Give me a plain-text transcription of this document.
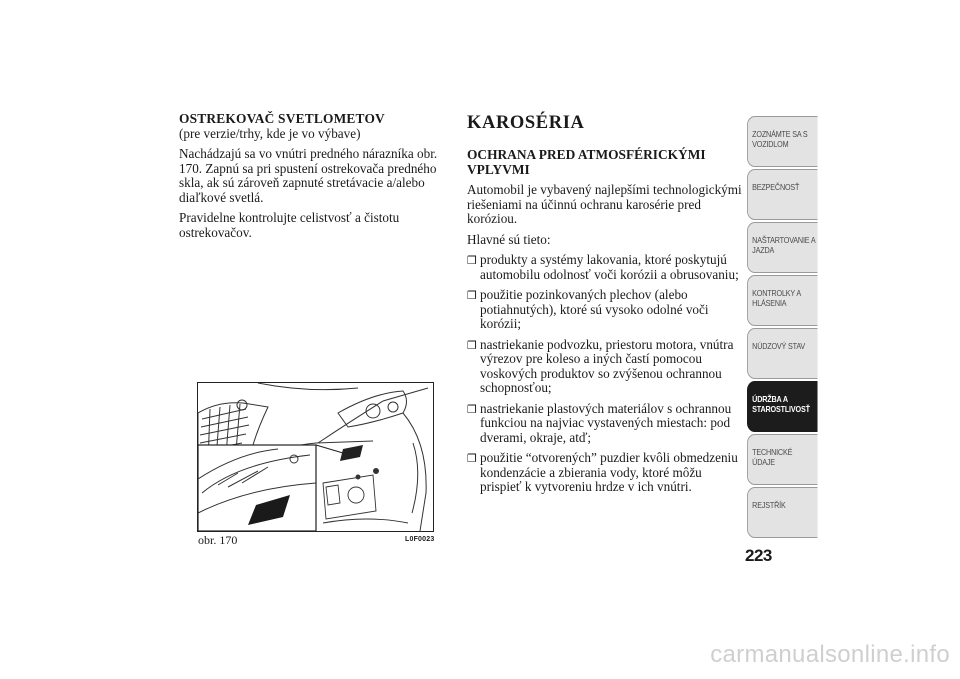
OSTREKOVAČ SVETLOMETOV
(pre verzie/trhy, kde je vo výbave)

Nachádzajú sa vo vnútri predného nárazníka obr. 170. Zapnú sa pri spustení ostrekovača predného skla, ak sú zároveň zapnuté stretávacie a/alebo diaľkové svetlá.

Pravidelne kontrolujte celistvosť a čistotu ostrekovačov.

obr. 170	L0F0023
KAROSÉRIA
OCHRANA PRED ATMOSFÉRICKÝMI VPLYVMI

Automobil je vybavený najlepšími technologickými riešeniami na účinnú ochranu karosérie pred koróziou.

Hlavné sú tieto:

❒ produkty a systémy lakovania, ktoré poskytujú automobilu odolnosť voči korózii a obrusovaniu;
❒ použitie pozinkovaných plechov (alebo potiahnutých), ktoré sú vysoko odolné voči korózii;
❒ nastriekanie podvozku, priestoru motora, vnútra výrezov pre koleso a iných častí pomocou voskových produktov so zvýšenou ochrannou schopnosťou;
❒ nastriekanie plastových materiálov s ochrannou funkciou na najviac vystavených miestach: pod dverami, okraje, atď;
❒ použitie “otvorených” puzdier kvôli obmedzeniu kondenzácie a zbierania vody, ktoré môžu prispieť k vytvoreniu hrdze v ich vnútri.
ZOZNÁMTE SA S VOZIDLOM
BEZPEČNOSŤ
NAŠTARTOVANIE A JAZDA
KONTROLKY A HLÁSENIA
NÚDZOVÝ STAV
ÚDRŽBA A STAROSTLIVOSŤ
TECHNICKÉ ÚDAJE
REJSTŘÍK
223
carmanualsonline.info
